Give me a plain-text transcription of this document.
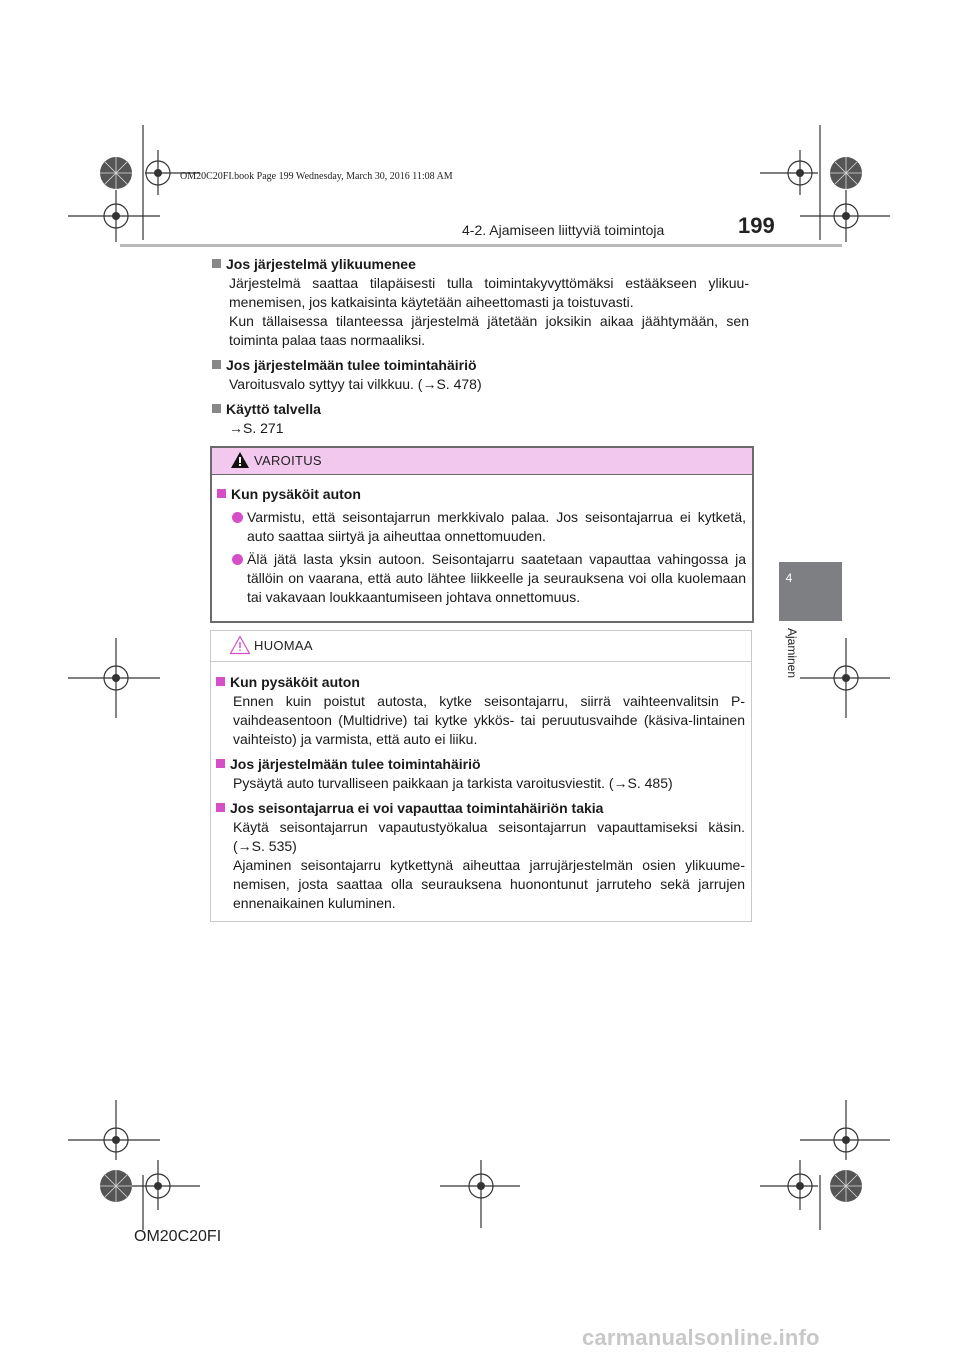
OM20C20FI.book Page 199 Wednesday, March 30, 2016 11:08 AM
4-2. Ajamiseen liittyviä toimintoja	199
4
Ajaminen

Jos järjestelmä ylikuumenee

Järjestelmä saattaa tilapäisesti tulla toimintakyvyttömäksi estääkseen ylikuu-menemisen, jos katkaisinta käytetään aiheettomasti ja toistuvasti.

Kun tällaisessa tilanteessa järjestelmä jätetään joksikin aikaa jäähtymään, sen toiminta palaa taas normaaliksi.

Jos järjestelmään tulee toimintahäiriö

Varoitusvalo syttyy tai vilkkuu. (→S. 478)

Käyttö talvella

→S. 271

VAROITUS

Kun pysäköit auton

Varmistu, että seisontajarrun merkkivalo palaa. Jos seisontajarrua ei kytketä, auto saattaa siirtyä ja aiheuttaa onnettomuuden.

Älä jätä lasta yksin autoon. Seisontajarru saatetaan vapauttaa vahingossa ja tällöin on vaarana, että auto lähtee liikkeelle ja seurauksena voi olla kuolemaan tai vakavaan loukkaantumiseen johtava onnettomuus.

HUOMAA

Kun pysäköit auton

Ennen kuin poistut autosta, kytke seisontajarru, siirrä vaihteenvalitsin P-vaihdeasentoon (Multidrive) tai kytke ykkös- tai peruutusvaihde (käsiva-lintainen vaihteisto) ja varmista, että auto ei liiku.

Jos järjestelmään tulee toimintahäiriö

Pysäytä auto turvalliseen paikkaan ja tarkista varoitusviestit. (→S. 485)

Jos seisontajarrua ei voi vapauttaa toimintahäiriön takia

Käytä seisontajarrun vapautustyökalua seisontajarrun vapauttamiseksi käsin. (→S. 535)

Ajaminen seisontajarru kytkettynä aiheuttaa jarrujärjestelmän osien ylikuume-nemisen, josta saattaa olla seurauksena huonontunut jarruteho sekä jarrujen ennenaikainen kuluminen.

OM20C20FI
carmanualsonline.info
